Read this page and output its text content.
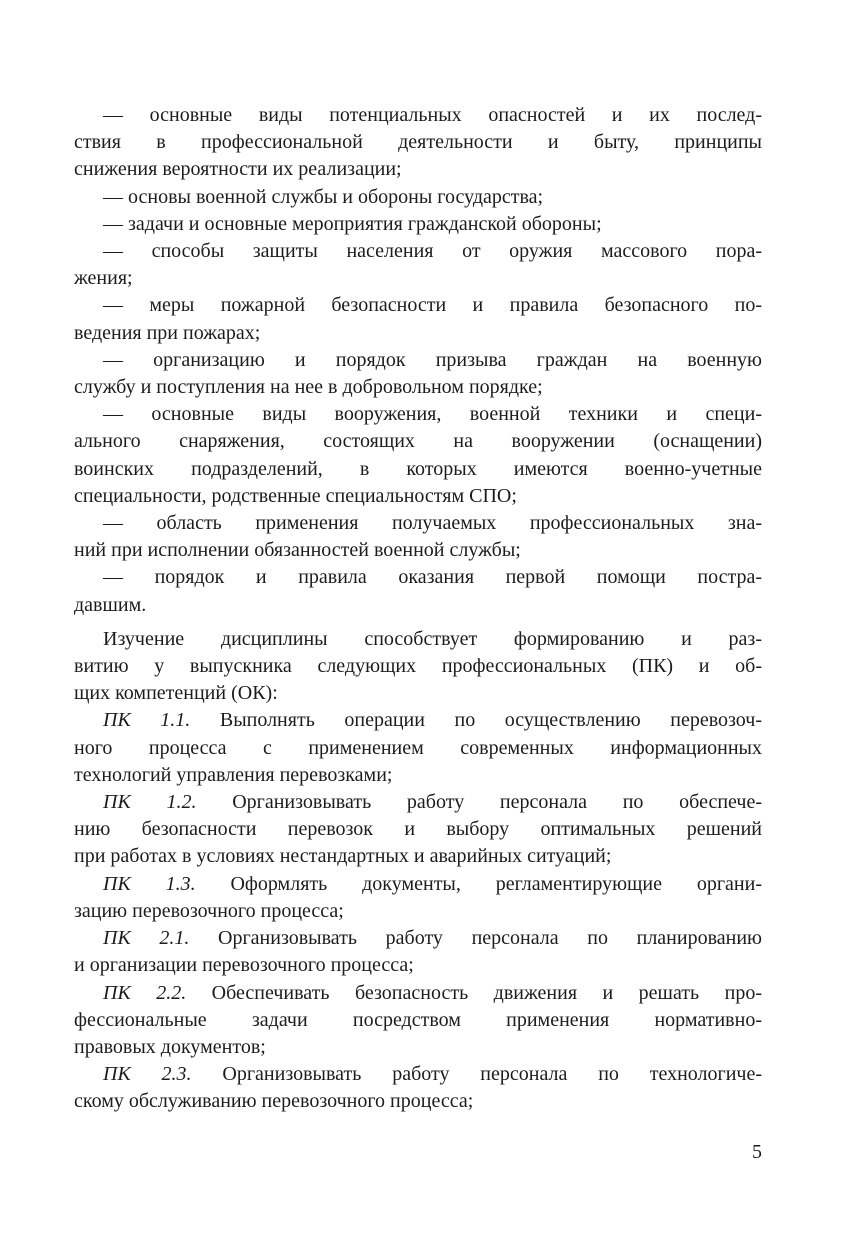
— основные виды потенциальных опасностей и их послед-
ствия в профессиональной деятельности и быту, принципы
снижения вероятности их реализации;
— основы военной службы и обороны государства;
— задачи и основные мероприятия гражданской обороны;
— способы защиты населения от оружия массового пора-
жения;
— меры пожарной безопасности и правила безопасного по-
ведения при пожарах;
— организацию и порядок призыва граждан на военную
службу и поступления на нее в добровольном порядке;
— основные виды вооружения, военной техники и специ-
ального снаряжения, состоящих на вооружении (оснащении)
воинских подразделений, в которых имеются военно-учетные
специальности, родственные специальностям СПО;
— область применения получаемых профессиональных зна-
ний при исполнении обязанностей военной службы;
— порядок и правила оказания первой помощи постра-
давшим.
Изучение дисциплины способствует формированию и раз-
витию у выпускника следующих профессиональных (ПК) и об-
щих компетенций (ОК):
ПК 1.1. Выполнять операции по осуществлению перевозоч-
ного процесса с применением современных информационных
технологий управления перевозками;
ПК 1.2. Организовывать работу персонала по обеспече-
нию безопасности перевозок и выбору оптимальных решений
при работах в условиях нестандартных и аварийных ситуаций;
ПК 1.3. Оформлять документы, регламентирующие органи-
зацию перевозочного процесса;
ПК 2.1. Организовывать работу персонала по планированию
и организации перевозочного процесса;
ПК 2.2. Обеспечивать безопасность движения и решать про-
фессиональные задачи посредством применения нормативно-
правовых документов;
ПК 2.3. Организовывать работу персонала по технологиче-
скому обслуживанию перевозочного процесса;
5
